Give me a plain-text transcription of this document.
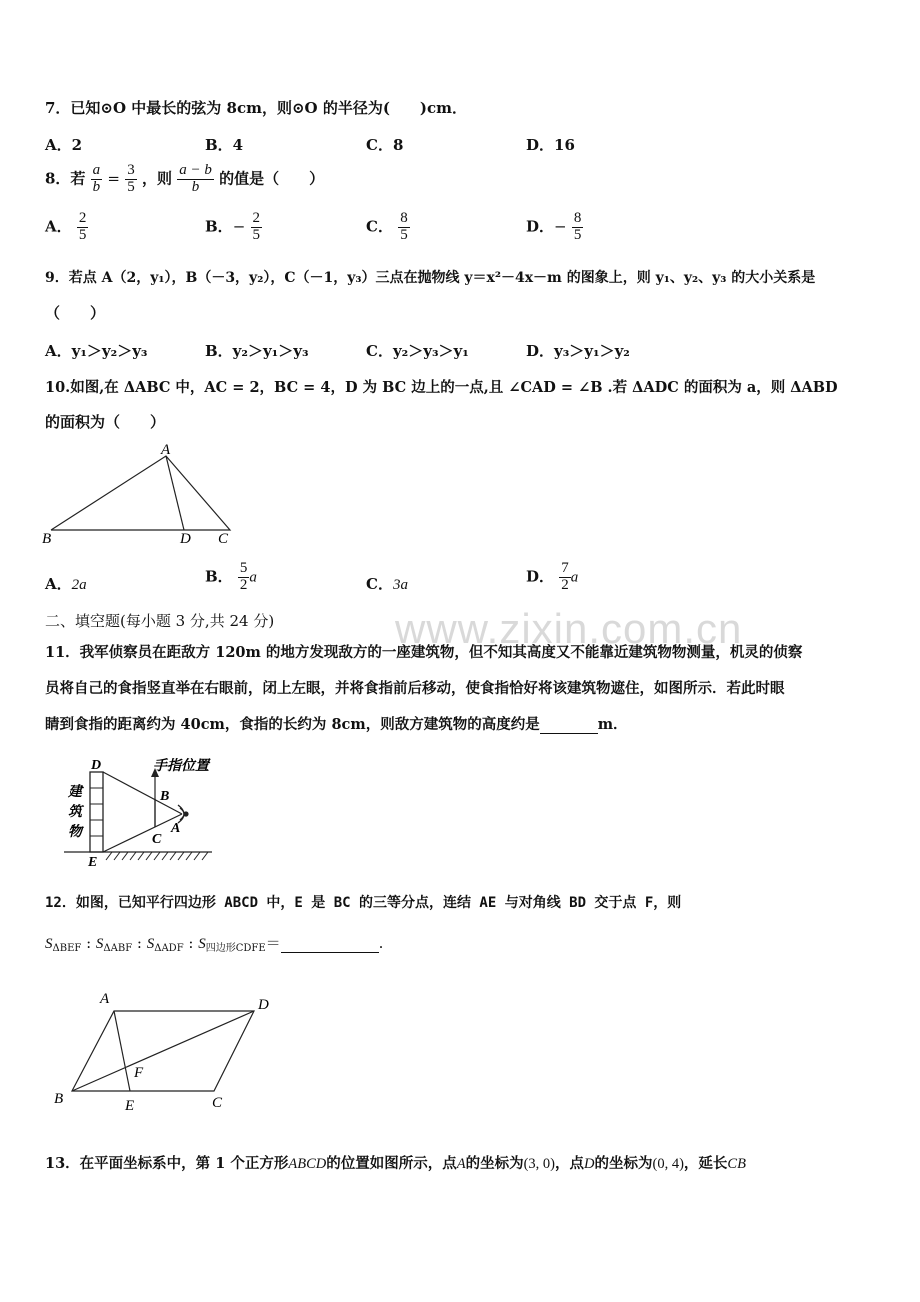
www.zixin.com.cn
7．已知⊙O 中最长的弦为 8cm，则⊙O 的半径为(　　)cm．
A．2	B．4	C．8	D．16
8．若 $\frac{a}{b} = \frac{3}{5}$ ，则 $\frac{a - b}{b}$ 的值是（　　）
A． $\frac{2}{5}$	B．− $\frac{2}{5}$	C． $\frac{8}{5}$	D．− $\frac{8}{5}$
9．若点 A（2，y₁），B（－3，y₂），C（－1，y₃）三点在抛物线 y＝x²－4x－m 的图象上，则 y₁、y₂、y₃ 的大小关系是
（　　）
A．y₁＞y₂＞y₃	B．y₂＞y₁＞y₃	C．y₂＞y₃＞y₁	D．y₃＞y₁＞y₂
10.如图,在 ΔABC 中，AC = 2，BC = 4，D 为 BC 边上的一点,且 ∠CAD = ∠B .若 ΔADC 的面积为 a，则 ΔABD
的面积为（　　）
A
B	D C
A．2a	B． $\frac{5}{2}$ a	C．3a	D． $\frac{7}{2}$ a
二、填空题(每小题 3 分,共 24 分)
11．我军侦察员在距敌方 120m 的地方发现敌方的一座建筑物，但不知其高度又不能靠近建筑物物测量，机灵的侦察
员将自己的食指竖直举在右眼前，闭上左眼，并将食指前后移动，使食指恰好将该建筑物遮住，如图所示．若此时眼
睛到食指的距离约为 40cm，食指的长约为 8cm，则敌方建筑物的高度约是	m．
手指位置
建
筑
物
D
E
B
C
A
12．如图，已知平行四边形 ABCD 中，E 是 BC 的三等分点，连结 AE 与对角线 BD 交于点 F，则
$S_{\Delta BEF}$ : $S_{\Delta ABF}$ : $S_{\Delta ADF}$ : $S_{四边形CDFE}=$	.
A	D
B	E	C
F
13．在平面坐标系中，第 1 个正方形ABCD的位置如图所示，点A的坐标为(3, 0)，点D的坐标为(0, 4)，延长CB
